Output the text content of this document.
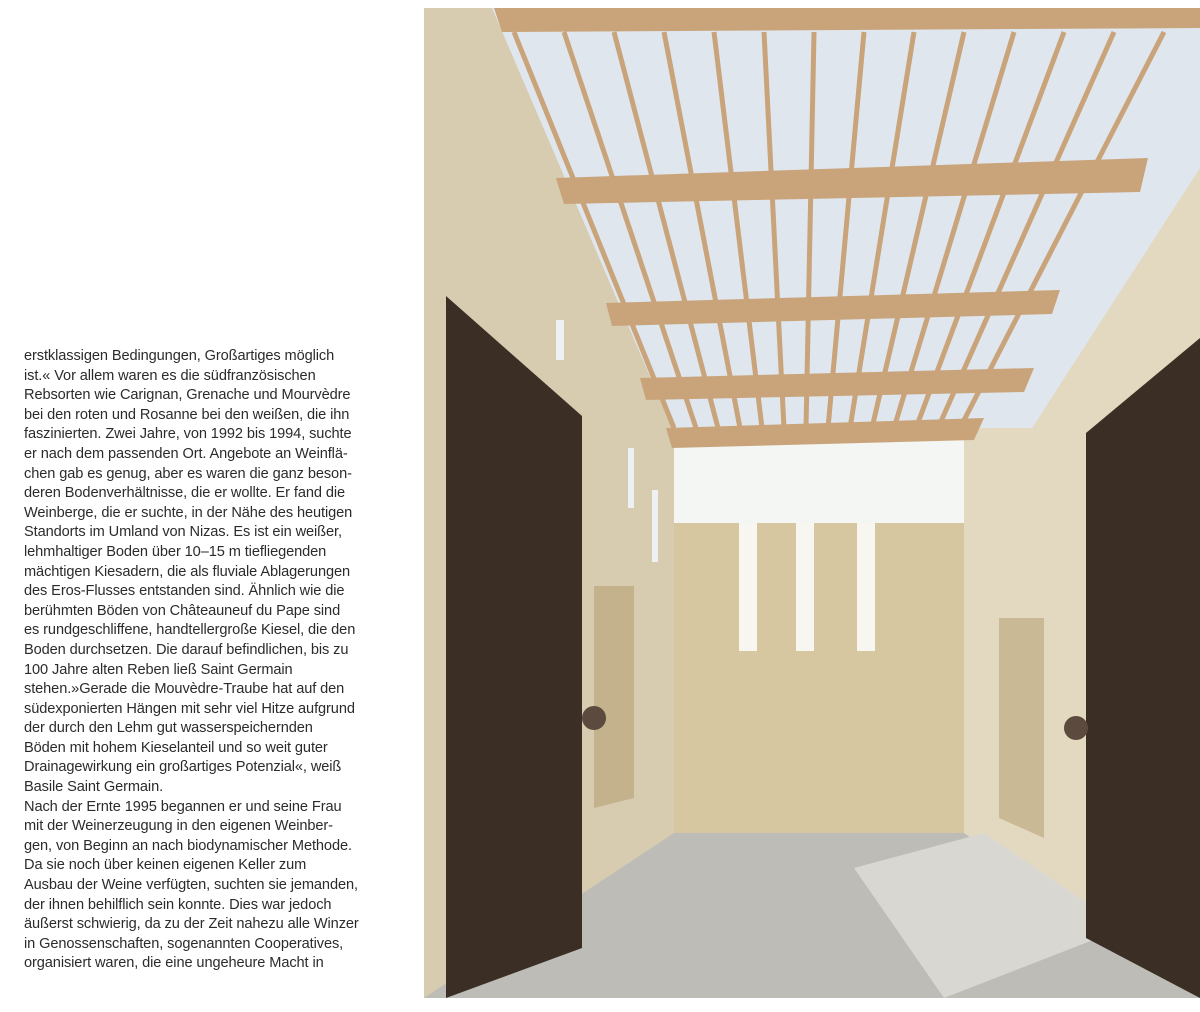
erstklassigen Bedingungen, Großartiges möglich
ist.« Vor allem waren es die südfranzösischen
Rebsorten wie Carignan, Grenache und Mourvèdre
bei den roten und Rosanne bei den weißen, die ihn
faszinierten. Zwei Jahre, von 1992 bis 1994, suchte
er nach dem passenden Ort. Angebote an Weinflä-
chen gab es genug, aber es waren die ganz beson-
deren Bodenverhältnisse, die er wollte. Er fand die
Weinberge, die er suchte, in der Nähe des heutigen
Standorts im Umland von Nizas. Es ist ein weißer,
lehmhaltiger Boden über 10–15 m tiefliegenden
mächtigen Kiesadern, die als fluviale Ablagerungen
des Eros-Flusses entstanden sind. Ähnlich wie die
berühmten Böden von Châteauneuf du Pape sind
es rundgeschliffene, handtellergroße Kiesel, die den
Boden durchsetzen. Die darauf befindlichen, bis zu
100 Jahre alten Reben ließ Saint Germain
stehen.»Gerade die Mouvèdre-Traube hat auf den
südexponierten Hängen mit sehr viel Hitze aufgrund
der durch den Lehm gut wasserspeichernden
Böden mit hohem Kieselanteil und so weit guter
Drainagewirkung ein großartiges Potenzial«, weiß
Basile Saint Germain.
Nach der Ernte 1995 begannen er und seine Frau
mit der Weinerzeugung in den eigenen Weinber-
gen, von Beginn an nach biodynamischer Methode.
Da sie noch über keinen eigenen Keller zum
Ausbau der Weine verfügten, suchten sie jemanden,
der ihnen behilflich sein konnte. Dies war jedoch
äußerst schwierig, da zu der Zeit nahezu alle Winzer
in Genossenschaften, sogenannten Cooperatives,
organisiert waren, die eine ungeheure Macht in
